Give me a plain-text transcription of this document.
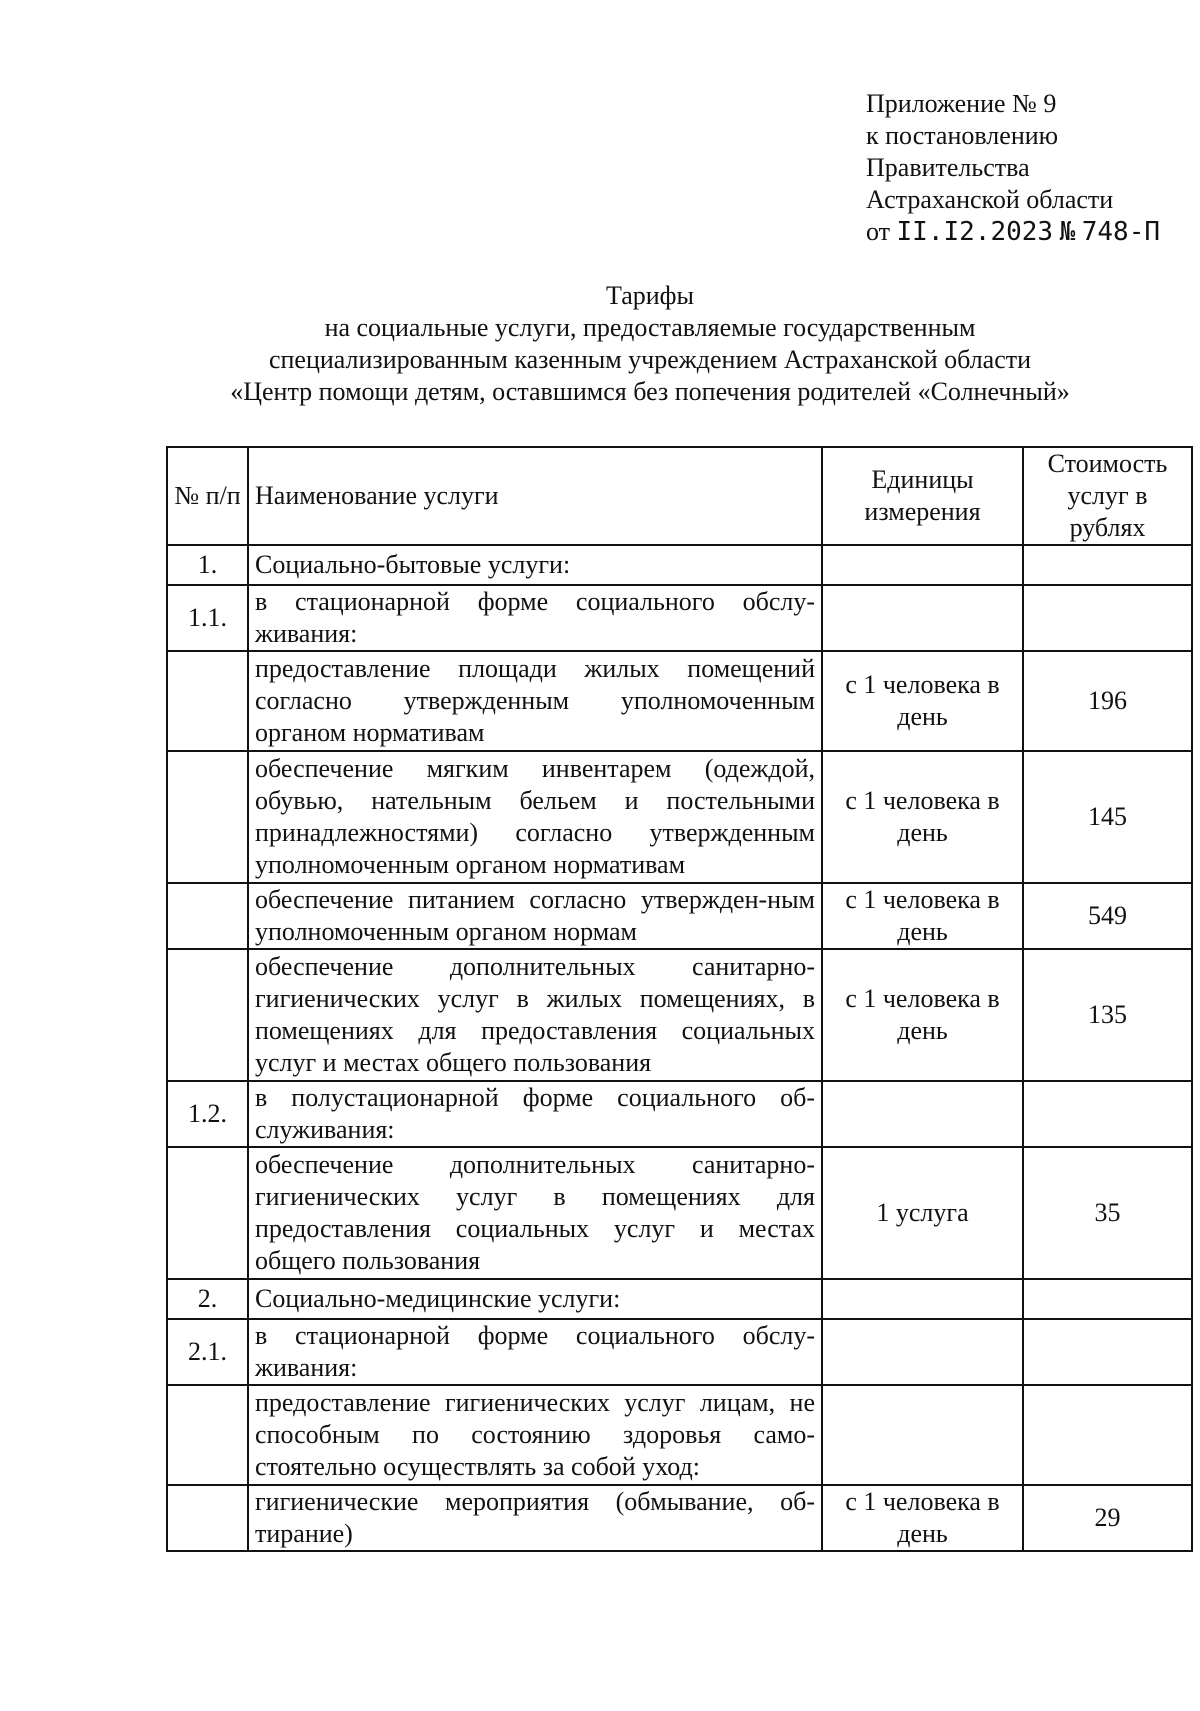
Приложение № 9
к постановлению
Правительства
Астраханской области
от II.I2.2023 № 748-П
Тарифы
на социальные услуги, предоставляемые государственным
специализированным казенным учреждением Астраханской области
«Центр помощи детям, оставшимся без попечения родителей «Солнечный»
№ п/п	Наименование услуги	Единицы измерения	Стоимость услуг в рублях
1.	Социально-бытовые услуги:		
1.1.	в стационарной форме социального обслу-живания:		
	предоставление площади жилых помещений согласно утвержденным уполномоченным органом нормативам	с 1 человека в день	196
	обеспечение мягким инвентарем (одеждой, обувью, нательным бельем и постельными принадлежностями) согласно утвержденным уполномоченным органом нормативам	с 1 человека в день	145
	обеспечение питанием согласно утвержден-ным уполномоченным органом нормам	с 1 человека в день	549
	обеспечение дополнительных санитарно-гигиенических услуг в жилых помещениях, в помещениях для предоставления социальных услуг и местах общего пользования	с 1 человека в день	135
1.2.	в полустационарной форме социального об-служивания:		
	обеспечение дополнительных санитарно-гигиенических услуг в помещениях для предоставления социальных услуг и местах общего пользования	1 услуга	35
2.	Социально-медицинские услуги:		
2.1.	в стационарной форме социального обслу-живания:		
	предоставление гигиенических услуг лицам, не способным по состоянию здоровья само-стоятельно осуществлять за собой уход:		
	гигиенические мероприятия (обмывание, об-тирание)	с 1 человека в день	29
